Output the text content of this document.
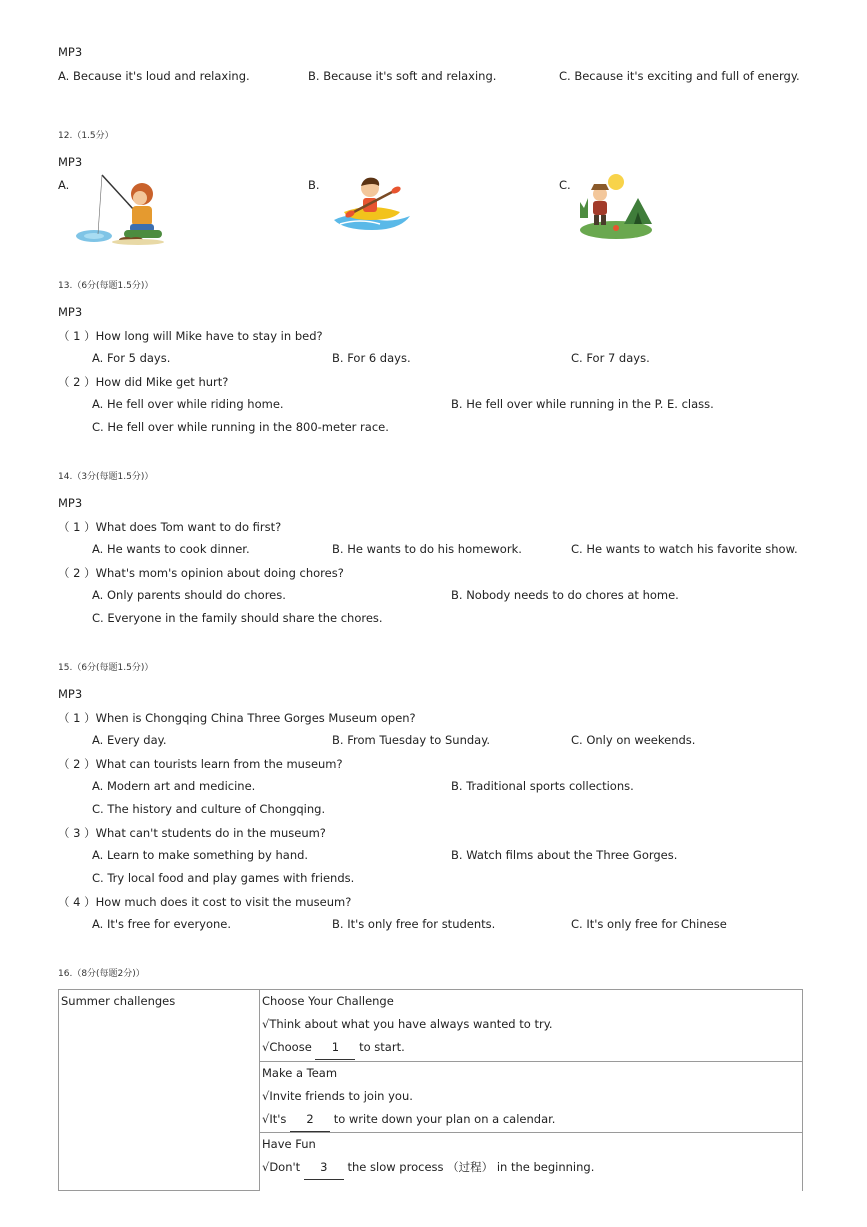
MP3
A. Because it's loud and relaxing.	B. Because it's soft and relaxing.	C. Because it's exciting and full of energy.
12.（1.5分）
MP3
A.	B.	C.
13.（6分(每题1.5分)）
MP3
（ 1 ）How long will Mike have to stay in bed?
A. For 5 days.	B. For 6 days.	C. For 7 days.
（ 2 ）How did Mike get hurt?
A. He fell over while riding home.	B. He fell over while running in the P. E. class.
C. He fell over while running in the 800-meter race.
14.（3分(每题1.5分)）
MP3
（ 1 ）What does Tom want to do first?
A. He wants to cook dinner.	B. He wants to do his homework.	C. He wants to watch his favorite show.
（ 2 ）What's mom's opinion about doing chores?
A. Only parents should do chores.	B. Nobody needs to do chores at home.
C. Everyone in the family should share the chores.
15.（6分(每题1.5分)）
MP3
（ 1 ）When is Chongqing China Three Gorges Museum open?
A. Every day.	B. From Tuesday to Sunday.	C. Only on weekends.
（ 2 ）What can tourists learn from the museum?
A. Modern art and medicine.	B. Traditional sports collections.
C. The history and culture of Chongqing.
（ 3 ）What can't students do in the museum?
A. Learn to make something by hand.	B. Watch films about the Three Gorges.
C. Try local food and play games with friends.
（ 4 ）How much does it cost to visit the museum?
A. It's free for everyone.	B. It's only free for students.	C. It's only free for Chinese
16.（8分(每题2分)）
Summer challenges	Choose Your Challenge
√Think about what you have always wanted to try.
√Choose 1 to start.

Make a Team
√Invite friends to join you.
√It's 2 to write down your plan on a calendar.

Have Fun
√Don't 3 the slow process （过程） in the beginning.
